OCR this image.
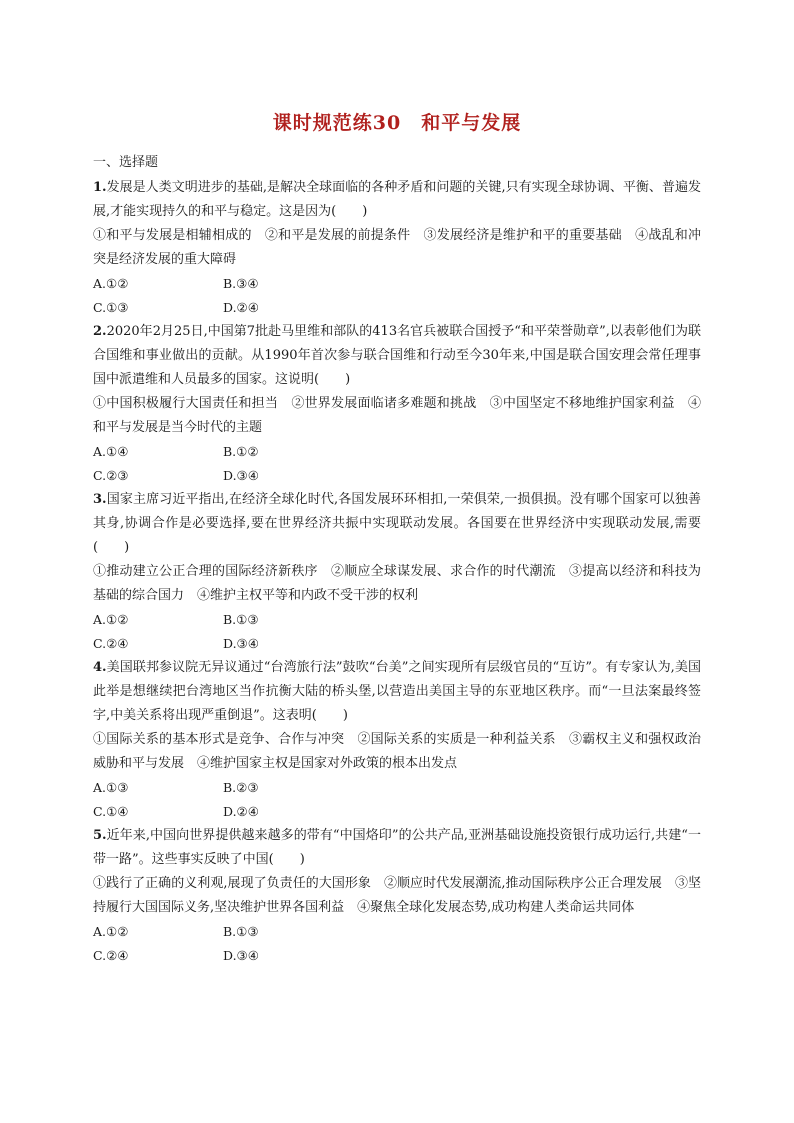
课时规范练30　和平与发展
一、选择题

1.发展是人类文明进步的基础,是解决全球面临的各种矛盾和问题的关键,只有实现全球协调、平衡、普遍发展,才能实现持久的和平与稳定。这是因为(　　)

①和平与发展是相辅相成的　②和平是发展的前提条件　③发展经济是维护和平的重要基础　④战乱和冲突是经济发展的重大障碍

A.①②	B.③④
C.①③	D.②④

2.2020年2月25日,中国第7批赴马里维和部队的413名官兵被联合国授予“和平荣誉勋章”,以表彰他们为联合国维和事业做出的贡献。从1990年首次参与联合国维和行动至今30年来,中国是联合国安理会常任理事国中派遣维和人员最多的国家。这说明(　　)

①中国积极履行大国责任和担当　②世界发展面临诸多难题和挑战　③中国坚定不移地维护国家利益　④和平与发展是当今时代的主题

A.①④	B.①②
C.②③	D.③④

3.国家主席习近平指出,在经济全球化时代,各国发展环环相扣,一荣俱荣,一损俱损。没有哪个国家可以独善其身,协调合作是必要选择,要在世界经济共振中实现联动发展。各国要在世界经济中实现联动发展,需要(　　)

①推动建立公正合理的国际经济新秩序　②顺应全球谋发展、求合作的时代潮流　③提高以经济和科技为基础的综合国力　④维护主权平等和内政不受干涉的权利

A.①②	B.①③
C.②④	D.③④

4.美国联邦参议院无异议通过“台湾旅行法”鼓吹“台美”之间实现所有层级官员的“互访”。有专家认为,美国此举是想继续把台湾地区当作抗衡大陆的桥头堡,以营造出美国主导的东亚地区秩序。而“一旦法案最终签字,中美关系将出现严重倒退”。这表明(　　)

①国际关系的基本形式是竞争、合作与冲突　②国际关系的实质是一种利益关系　③霸权主义和强权政治威胁和平与发展　④维护国家主权是国家对外政策的根本出发点

A.①③	B.②③
C.①④	D.②④

5.近年来,中国向世界提供越来越多的带有“中国烙印”的公共产品,亚洲基础设施投资银行成功运行,共建“一带一路”。这些事实反映了中国(　　)

①践行了正确的义利观,展现了负责任的大国形象　②顺应时代发展潮流,推动国际秩序公正合理发展　③坚持履行大国国际义务,坚决维护世界各国利益　④聚焦全球化发展态势,成功构建人类命运共同体

A.①②	B.①③
C.②④	D.③④
